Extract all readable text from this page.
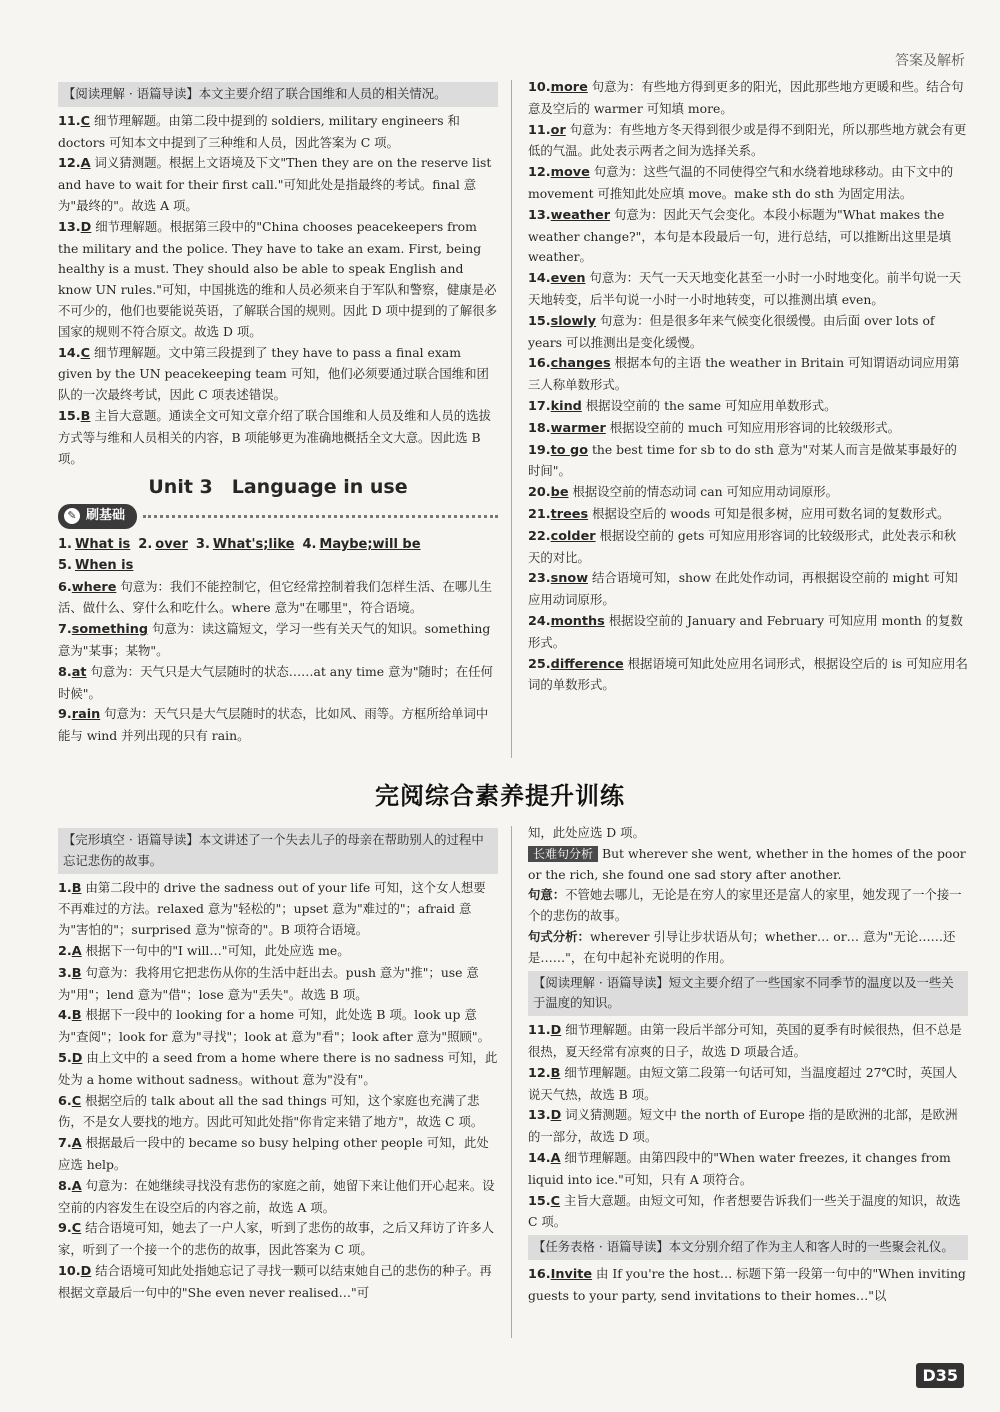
答案及解析
【阅读理解 · 语篇导读】本文主要介绍了联合国维和人员的相关情况。

11.C 细节理解题。由第二段中提到的 soldiers, military engineers 和 doctors 可知本文中提到了三种维和人员，因此答案为 C 项。

12.A 词义猜测题。根据上文语境及下文"Then they are on the reserve list and have to wait for their first call."可知此处是指最终的考试。final 意为"最终的"。故选 A 项。

13.D 细节理解题。根据第三段中的"China chooses peacekeepers from the military and the police. They have to take an exam. First, being healthy is a must. They should also be able to speak English and know UN rules."可知，中国挑选的维和人员必须来自于军队和警察，健康是必不可少的，他们也要能说英语，了解联合国的规则。因此 D 项中提到的了解很多国家的规则不符合原文。故选 D 项。

14.C 细节理解题。文中第三段提到了 they have to pass a final exam given by the UN peacekeeping team 可知，他们必须要通过联合国维和团队的一次最终考试，因此 C 项表述错误。

15.B 主旨大意题。通读全文可知文章介绍了联合国维和人员及维和人员的选拔方式等与维和人员相关的内容，B 项能够更为准确地概括全文大意。因此选 B 项。

Unit 3　Language in use
✎ 刷基础
1. What is 2. over 3. What's;like 4. Maybe;will be
5. When is

6.where 句意为：我们不能控制它，但它经常控制着我们怎样生活、在哪儿生活、做什么、穿什么和吃什么。where 意为"在哪里"，符合语境。

7.something 句意为：读这篇短文，学习一些有关天气的知识。something 意为"某事；某物"。

8.at 句意为：天气只是大气层随时的状态……at any time 意为"随时；在任何时候"。

9.rain 句意为：天气只是大气层随时的状态，比如风、雨等。方框所给单词中能与 wind 并列出现的只有 rain。

10.more 句意为：有些地方得到更多的阳光，因此那些地方更暖和些。结合句意及空后的 warmer 可知填 more。

11.or 句意为：有些地方冬天得到很少或是得不到阳光，所以那些地方就会有更低的气温。此处表示两者之间为选择关系。

12.move 句意为：这些气温的不同使得空气和水绕着地球移动。由下文中的 movement 可推知此处应填 move。make sth do sth 为固定用法。

13.weather 句意为：因此天气会变化。本段小标题为"What makes the weather change?"，本句是本段最后一句，进行总结，可以推断出这里是填 weather。

14.even 句意为：天气一天天地变化甚至一小时一小时地变化。前半句说一天天地转变，后半句说一小时一小时地转变，可以推测出填 even。

15.slowly 句意为：但是很多年来气候变化很缓慢。由后面 over lots of years 可以推测出是变化缓慢。

16.changes 根据本句的主语 the weather in Britain 可知谓语动词应用第三人称单数形式。

17.kind 根据设空前的 the same 可知应用单数形式。

18.warmer 根据设空前的 much 可知应用形容词的比较级形式。

19.to go the best time for sb to do sth 意为"对某人而言是做某事最好的时间"。

20.be 根据设空前的情态动词 can 可知应用动词原形。

21.trees 根据设空后的 woods 可知是很多树，应用可数名词的复数形式。

22.colder 根据设空前的 gets 可知应用形容词的比较级形式，此处表示和秋天的对比。

23.snow 结合语境可知，show 在此处作动词，再根据设空前的 might 可知应用动词原形。

24.months 根据设空前的 January and February 可知应用 month 的复数形式。

25.difference 根据语境可知此处应用名词形式，根据设空后的 is 可知应用名词的单数形式。

完阅综合素养提升训练
【完形填空 · 语篇导读】本文讲述了一个失去儿子的母亲在帮助别人的过程中忘记悲伤的故事。

1.B 由第二段中的 drive the sadness out of your life 可知，这个女人想要不再难过的方法。relaxed 意为"轻松的"；upset 意为"难过的"；afraid 意为"害怕的"；surprised 意为"惊奇的"。B 项符合语境。

2.A 根据下一句中的"I will…"可知，此处应选 me。

3.B 句意为：我将用它把悲伤从你的生活中赶出去。push 意为"推"；use 意为"用"；lend 意为"借"；lose 意为"丢失"。故选 B 项。

4.B 根据下一段中的 looking for a home 可知，此处选 B 项。look up 意为"查阅"；look for 意为"寻找"；look at 意为"看"；look after 意为"照顾"。

5.D 由上文中的 a seed from a home where there is no sadness 可知，此处为 a home without sadness。without 意为"没有"。

6.C 根据空后的 talk about all the sad things 可知，这个家庭也充满了悲伤，不是女人要找的地方。因此可知此处指"你肯定来错了地方"，故选 C 项。

7.A 根据最后一段中的 became so busy helping other people 可知，此处应选 help。

8.A 句意为：在她继续寻找没有悲伤的家庭之前，她留下来让他们开心起来。设空前的内容发生在设空后的内容之前，故选 A 项。

9.C 结合语境可知，她去了一户人家，听到了悲伤的故事，之后又拜访了许多人家，听到了一个接一个的悲伤的故事，因此答案为 C 项。

10.D 结合语境可知此处指她忘记了寻找一颗可以结束她自己的悲伤的种子。再根据文章最后一句中的"She even never realised…"可

知，此处应选 D 项。

长难句分析 But wherever she went, whether in the homes of the poor or the rich, she found one sad story after another.

句意：不管她去哪儿，无论是在穷人的家里还是富人的家里，她发现了一个接一个的悲伤的故事。

句式分析：wherever 引导让步状语从句；whether… or… 意为"无论……还是……"，在句中起补充说明的作用。

【阅读理解 · 语篇导读】短文主要介绍了一些国家不同季节的温度以及一些关于温度的知识。

11.D 细节理解题。由第一段后半部分可知，英国的夏季有时候很热，但不总是很热，夏天经常有凉爽的日子，故选 D 项最合适。

12.B 细节理解题。由短文第二段第一句话可知，当温度超过 27℃时，英国人说天气热，故选 B 项。

13.D 词义猜测题。短文中 the north of Europe 指的是欧洲的北部，是欧洲的一部分，故选 D 项。

14.A 细节理解题。由第四段中的"When water freezes, it changes from liquid into ice."可知，只有 A 项符合。

15.C 主旨大意题。由短文可知，作者想要告诉我们一些关于温度的知识，故选 C 项。

【任务表格 · 语篇导读】本文分别介绍了作为主人和客人时的一些聚会礼仪。

16.Invite 由 If you're the host… 标题下第一段第一句中的"When inviting guests to your party, send invitations to their homes…"以

D35
